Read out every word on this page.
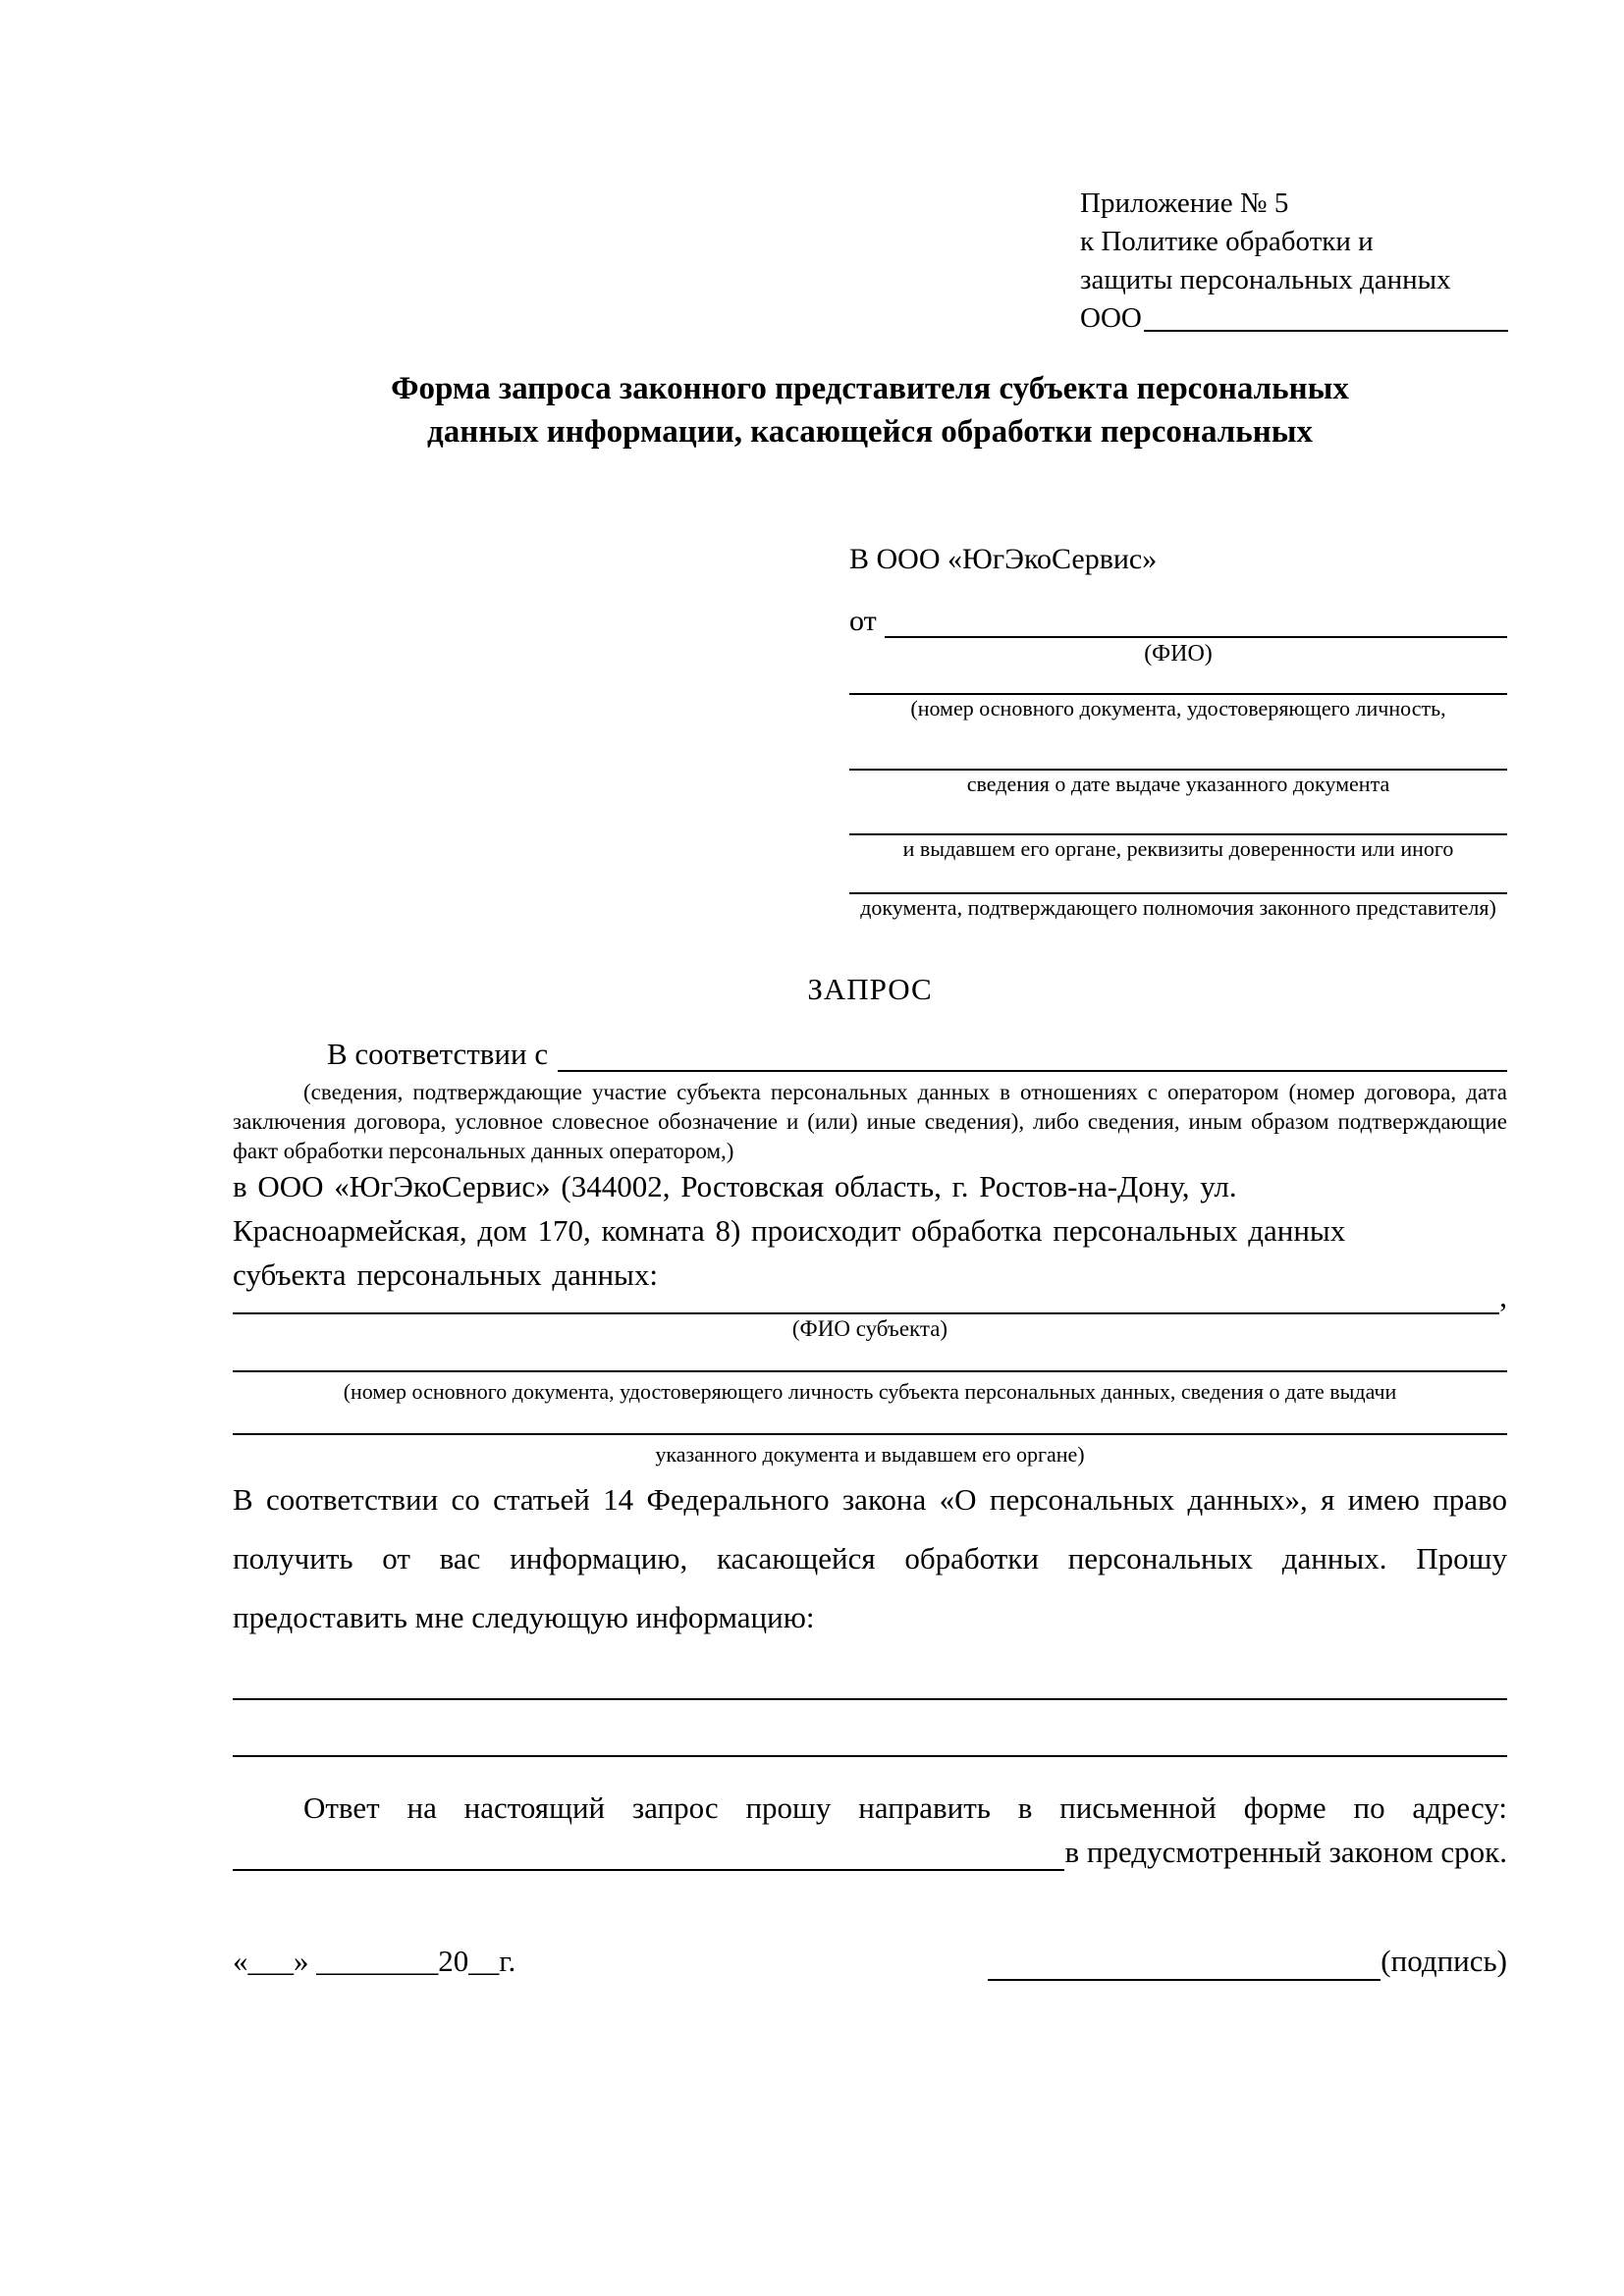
Приложение № 5
к Политике обработки и
защиты персональных данных
ООО
Форма запроса законного представителя субъекта персональных
данных информации, касающейся обработки персональных
В ООО «ЮгЭкоСервис»
от
(ФИО)
(номер основного документа, удостоверяющего личность,
сведения о дате выдаче указанного документа
и выдавшем его органе, реквизиты доверенности или иного
документа, подтверждающего полномочия законного представителя)
ЗАПРОС
В соответствии с
(сведения, подтверждающие участие субъекта персональных данных в отношениях с оператором (номер договора, дата заключения договора, условное словесное обозначение и (или) иные сведения), либо сведения, иным образом подтверждающие факт обработки персональных данных оператором,)
в ООО «ЮгЭкоСервис» (344002, Ростовская область, г. Ростов-на-Дону, ул.
Красноармейская, дом 170, комната 8) происходит обработка персональных данных
субъекта персональных данных:
,
(ФИО субъекта)
(номер основного документа, удостоверяющего личность субъекта персональных данных, сведения о дате выдачи
указанного документа и выдавшем его органе)
В соответствии со статьей 14 Федерального закона «О персональных данных», я имею право получить от вас информацию, касающейся обработки персональных данных. Прошу предоставить мне следующую информацию:
Ответ на настоящий запрос прошу направить в письменной форме по адресу:
в предусмотренный законом срок.
«___» ________20__г.	(подпись)
